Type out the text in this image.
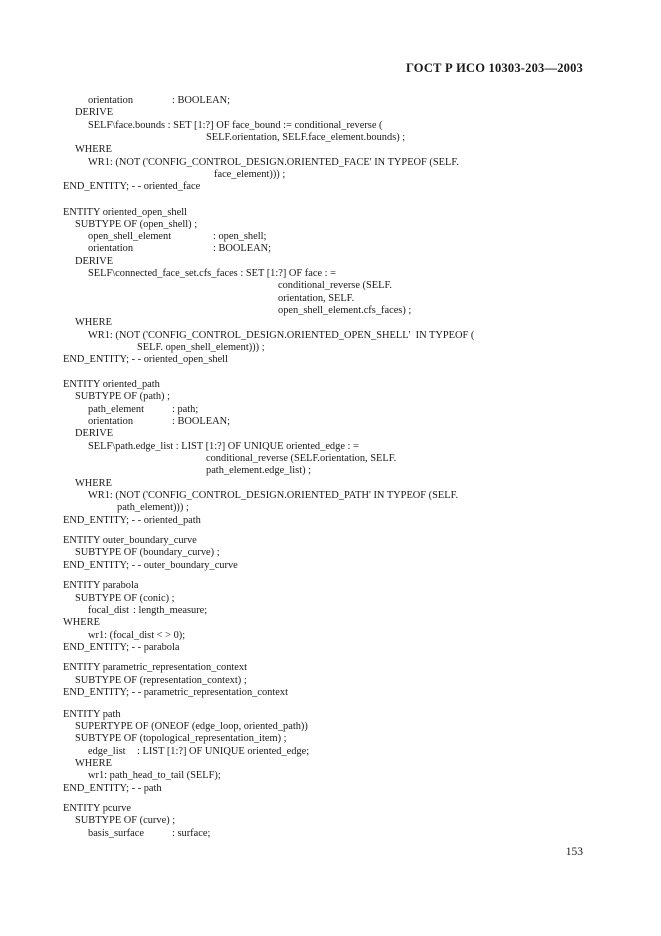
ГОСТ Р ИСО 10303-203—2003
orientation	: BOOLEAN;
DERIVE
SELF\face.bounds : SET [1:?] OF face_bound := conditional_reverse (
SELF.orientation, SELF.face_element.bounds) ;
WHERE
WR1: (NOT ('CONFIG_CONTROL_DESIGN.ORIENTED_FACE' IN TYPEOF (SELF.
face_element))) ;
END_ENTITY; - - oriented_face
ENTITY oriented_open_shell
SUBTYPE OF (open_shell) ;
open_shell_element	: open_shell;
orientation	: BOOLEAN;
DERIVE
SELF\connected_face_set.cfs_faces : SET [1:?] OF face : =
conditional_reverse (SELF.
orientation, SELF.
open_shell_element.cfs_faces) ;
WHERE
WR1: (NOT ('CONFIG_CONTROL_DESIGN.ORIENTED_OPEN_SHELL'  IN TYPEOF (
SELF. open_shell_element))) ;
END_ENTITY; - - oriented_open_shell
ENTITY oriented_path
SUBTYPE OF (path) ;
path_element	: path;
orientation	: BOOLEAN;
DERIVE
SELF\path.edge_list : LIST [1:?] OF UNIQUE oriented_edge : =
conditional_reverse (SELF.orientation, SELF.
path_element.edge_list) ;
WHERE
WR1: (NOT ('CONFIG_CONTROL_DESIGN.ORIENTED_PATH' IN TYPEOF (SELF.
path_element))) ;
END_ENTITY; - - oriented_path
ENTITY outer_boundary_curve
SUBTYPE OF (boundary_curve) ;
END_ENTITY; - - outer_boundary_curve
ENTITY parabola
SUBTYPE OF (conic) ;
focal_dist : length_measure;
WHERE
wr1: (focal_dist < > 0);
END_ENTITY; - - parabola
ENTITY parametric_representation_context
SUBTYPE OF (representation_context) ;
END_ENTITY; - - parametric_representation_context
ENTITY path
SUPERTYPE OF (ONEOF (edge_loop, oriented_path))
SUBTYPE OF (topological_representation_item) ;
edge_list : LIST [1:?] OF UNIQUE oriented_edge;
WHERE
wr1: path_head_to_tail (SELF);
END_ENTITY; - - path
ENTITY pcurve
SUBTYPE OF (curve) ;
basis_surface	: surface;
153
